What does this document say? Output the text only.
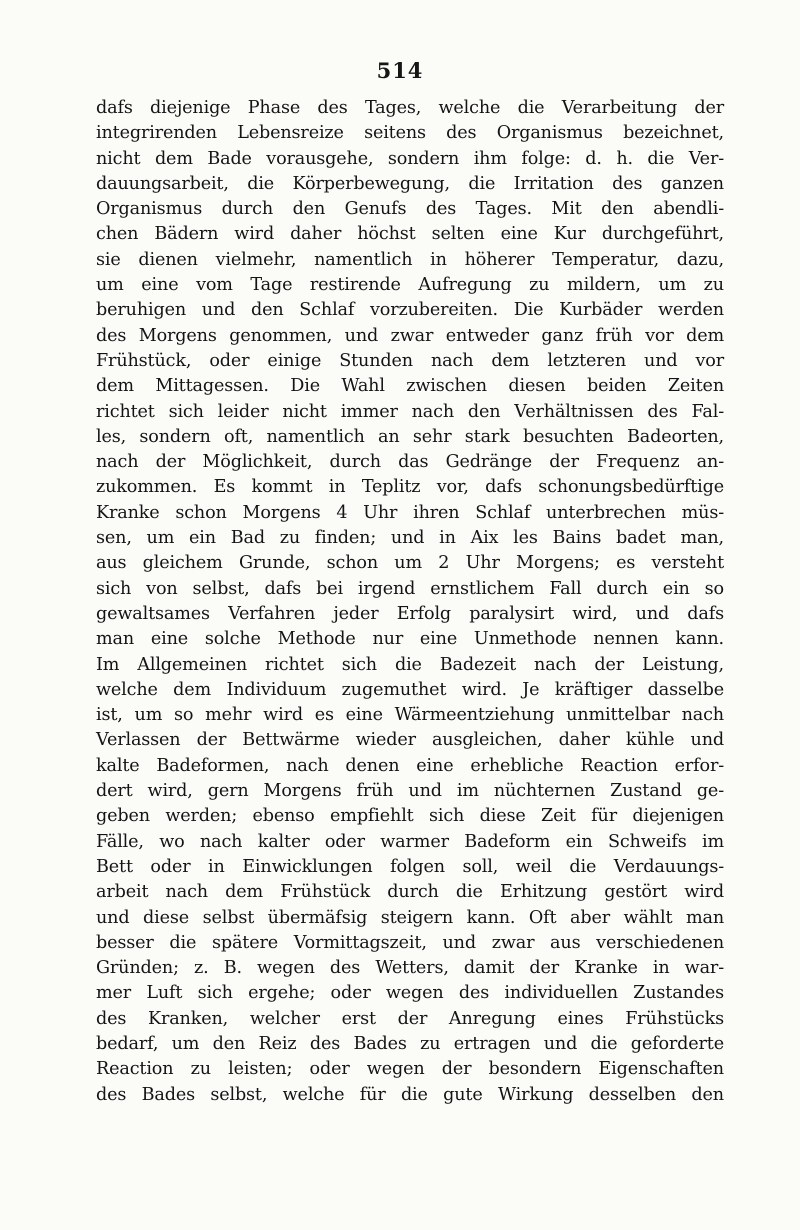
514
dafs diejenige Phase des Tages, welche die Verarbeitung der
integrirenden Lebensreize seitens des Organismus bezeichnet,
nicht dem Bade vorausgehe, sondern ihm folge: d. h. die Ver-
dauungsarbeit, die Körperbewegung, die Irritation des ganzen
Organismus durch den Genufs des Tages. Mit den abendli-
chen Bädern wird daher höchst selten eine Kur durchgeführt,
sie dienen vielmehr, namentlich in höherer Temperatur, dazu,
um eine vom Tage restirende Aufregung zu mildern, um zu
beruhigen und den Schlaf vorzubereiten. Die Kurbäder werden
des Morgens genommen, und zwar entweder ganz früh vor dem
Frühstück, oder einige Stunden nach dem letzteren und vor
dem Mittagessen. Die Wahl zwischen diesen beiden Zeiten
richtet sich leider nicht immer nach den Verhältnissen des Fal-
les, sondern oft, namentlich an sehr stark besuchten Badeorten,
nach der Möglichkeit, durch das Gedränge der Frequenz an-
zukommen. Es kommt in Teplitz vor, dafs schonungsbedürftige
Kranke schon Morgens 4 Uhr ihren Schlaf unterbrechen müs-
sen, um ein Bad zu finden; und in Aix les Bains badet man,
aus gleichem Grunde, schon um 2 Uhr Morgens; es versteht
sich von selbst, dafs bei irgend ernstlichem Fall durch ein so
gewaltsames Verfahren jeder Erfolg paralysirt wird, und dafs
man eine solche Methode nur eine Unmethode nennen kann.
Im Allgemeinen richtet sich die Badezeit nach der Leistung,
welche dem Individuum zugemuthet wird. Je kräftiger dasselbe
ist, um so mehr wird es eine Wärmeentziehung unmittelbar nach
Verlassen der Bettwärme wieder ausgleichen, daher kühle und
kalte Badeformen, nach denen eine erhebliche Reaction erfor-
dert wird, gern Morgens früh und im nüchternen Zustand ge-
geben werden; ebenso empfiehlt sich diese Zeit für diejenigen
Fälle, wo nach kalter oder warmer Badeform ein Schweifs im
Bett oder in Einwicklungen folgen soll, weil die Verdauungs-
arbeit nach dem Frühstück durch die Erhitzung gestört wird
und diese selbst übermäfsig steigern kann. Oft aber wählt man
besser die spätere Vormittagszeit, und zwar aus verschiedenen
Gründen; z. B. wegen des Wetters, damit der Kranke in war-
mer Luft sich ergehe; oder wegen des individuellen Zustandes
des Kranken, welcher erst der Anregung eines Frühstücks
bedarf, um den Reiz des Bades zu ertragen und die geforderte
Reaction zu leisten; oder wegen der besondern Eigenschaften
des Bades selbst, welche für die gute Wirkung desselben den
